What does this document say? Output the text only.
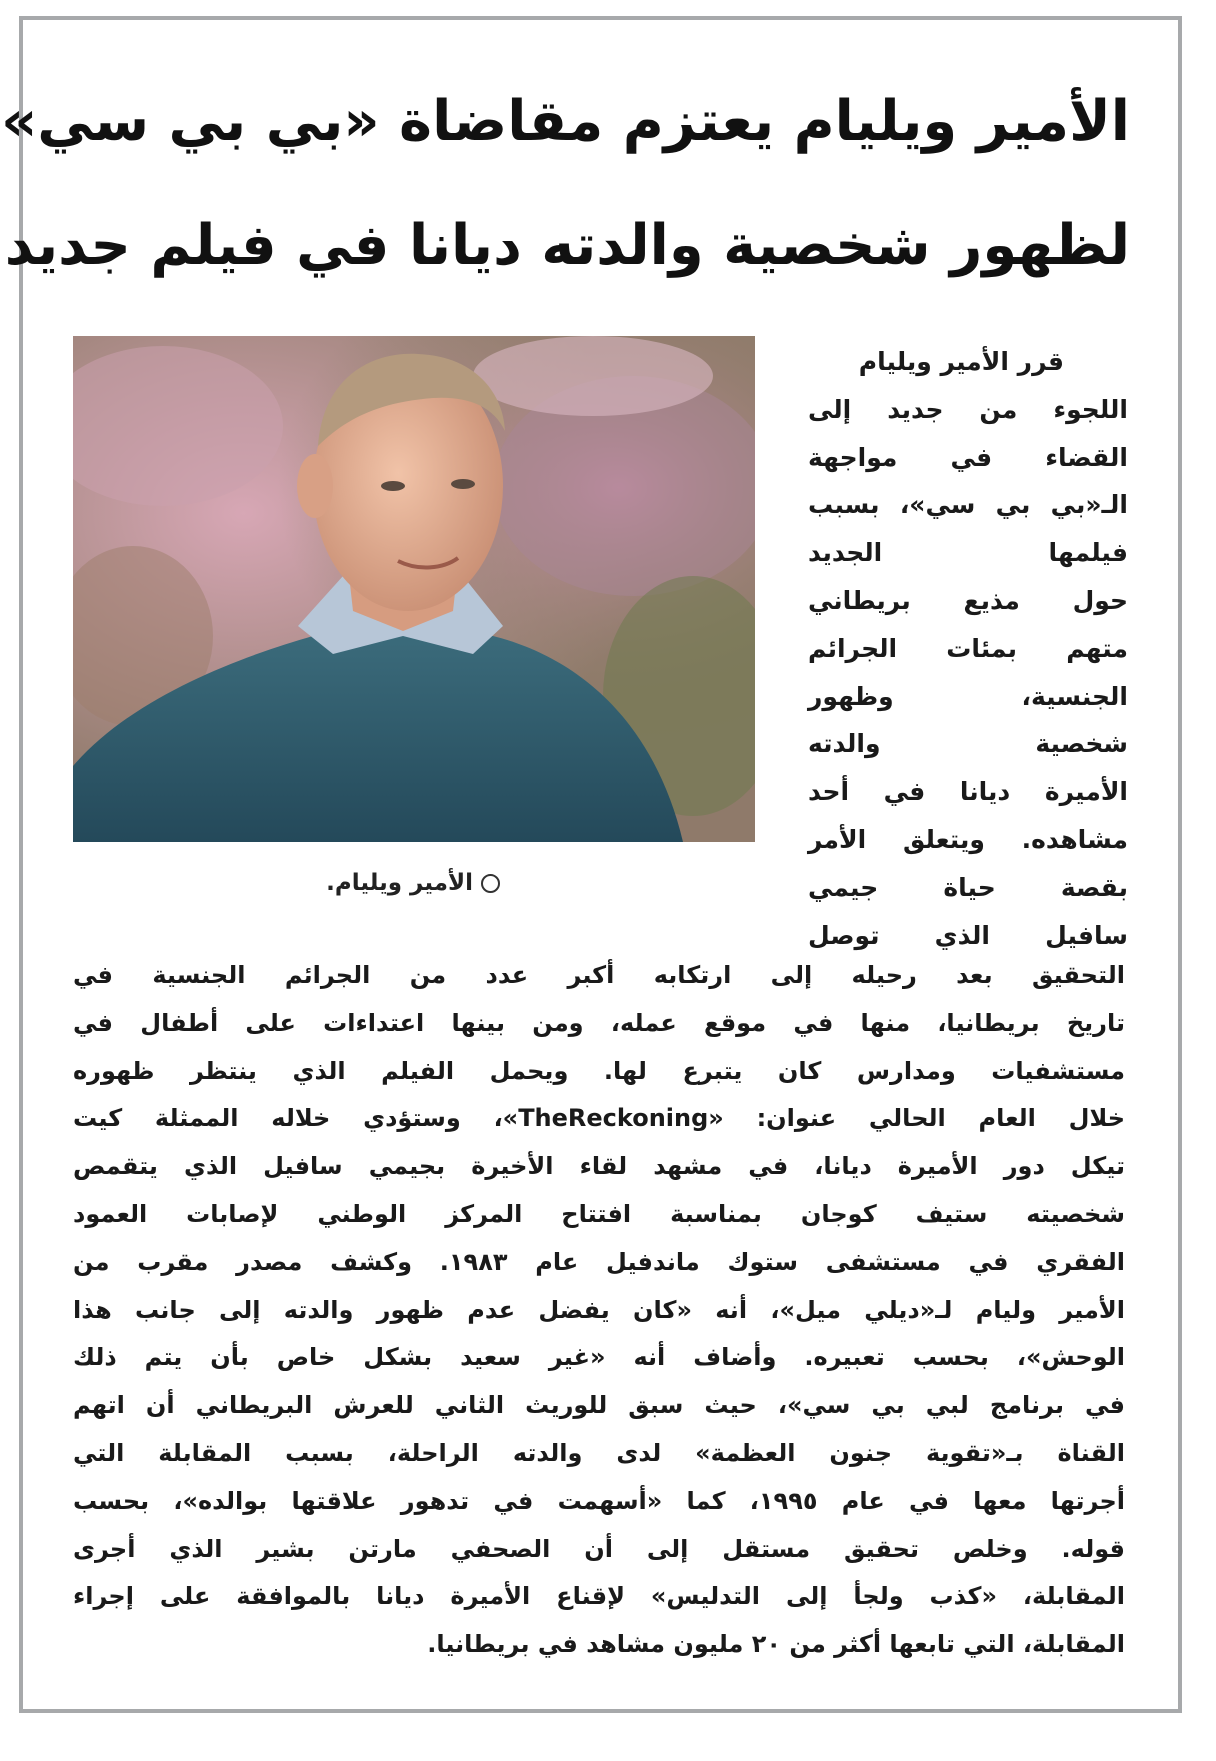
الأمير ويليام يعتزم مقاضاة «بي بي سي»
لظهور شخصية والدته ديانا في فيلم جديد
الأمير ويليام.
قرر الأمير ويليام
اللجوء من جديد إلى
القضاء في مواجهة
الـ«بي بي سي»، بسبب
فيلمها الجديد
حول مذيع بريطاني
متهم بمئات الجرائم
الجنسية، وظهور
شخصية والدته
الأميرة ديانا في أحد
مشاهده. ويتعلق الأمر
بقصة حياة جيمي
سافيل الذي توصل
التحقيق بعد رحيله إلى ارتكابه أكبر عدد من الجرائم الجنسية في
تاريخ بريطانيا، منها في موقع عمله، ومن بينها اعتداءات على أطفال في
مستشفيات ومدارس كان يتبرع لها. ويحمل الفيلم الذي ينتظر ظهوره
خلال العام الحالي عنوان: «TheReckoning»، وستؤدي خلاله الممثلة كيت
تيكل دور الأميرة ديانا، في مشهد لقاء الأخيرة بجيمي سافيل الذي يتقمص
شخصيته ستيف كوجان بمناسبة افتتاح المركز الوطني لإصابات العمود
الفقري في مستشفى ستوك ماندفيل عام ١٩٨٣. وكشف مصدر مقرب من
الأمير وليام لـ«ديلي ميل»، أنه «كان يفضل عدم ظهور والدته إلى جانب هذا
الوحش»، بحسب تعبيره. وأضاف أنه «غير سعيد بشكل خاص بأن يتم ذلك
في برنامج لبي بي سي»، حيث سبق للوريث الثاني للعرش البريطاني أن اتهم
القناة بـ«تقوية جنون العظمة» لدى والدته الراحلة، بسبب المقابلة التي
أجرتها معها في عام ١٩٩٥، كما «أسهمت في تدهور علاقتها بوالده»، بحسب
قوله. وخلص تحقيق مستقل إلى أن الصحفي مارتن بشير الذي أجرى
المقابلة، «كذب ولجأ إلى التدليس» لإقناع الأميرة ديانا بالموافقة على إجراء
المقابلة، التي تابعها أكثر من ٢٠ مليون مشاهد في بريطانيا.
